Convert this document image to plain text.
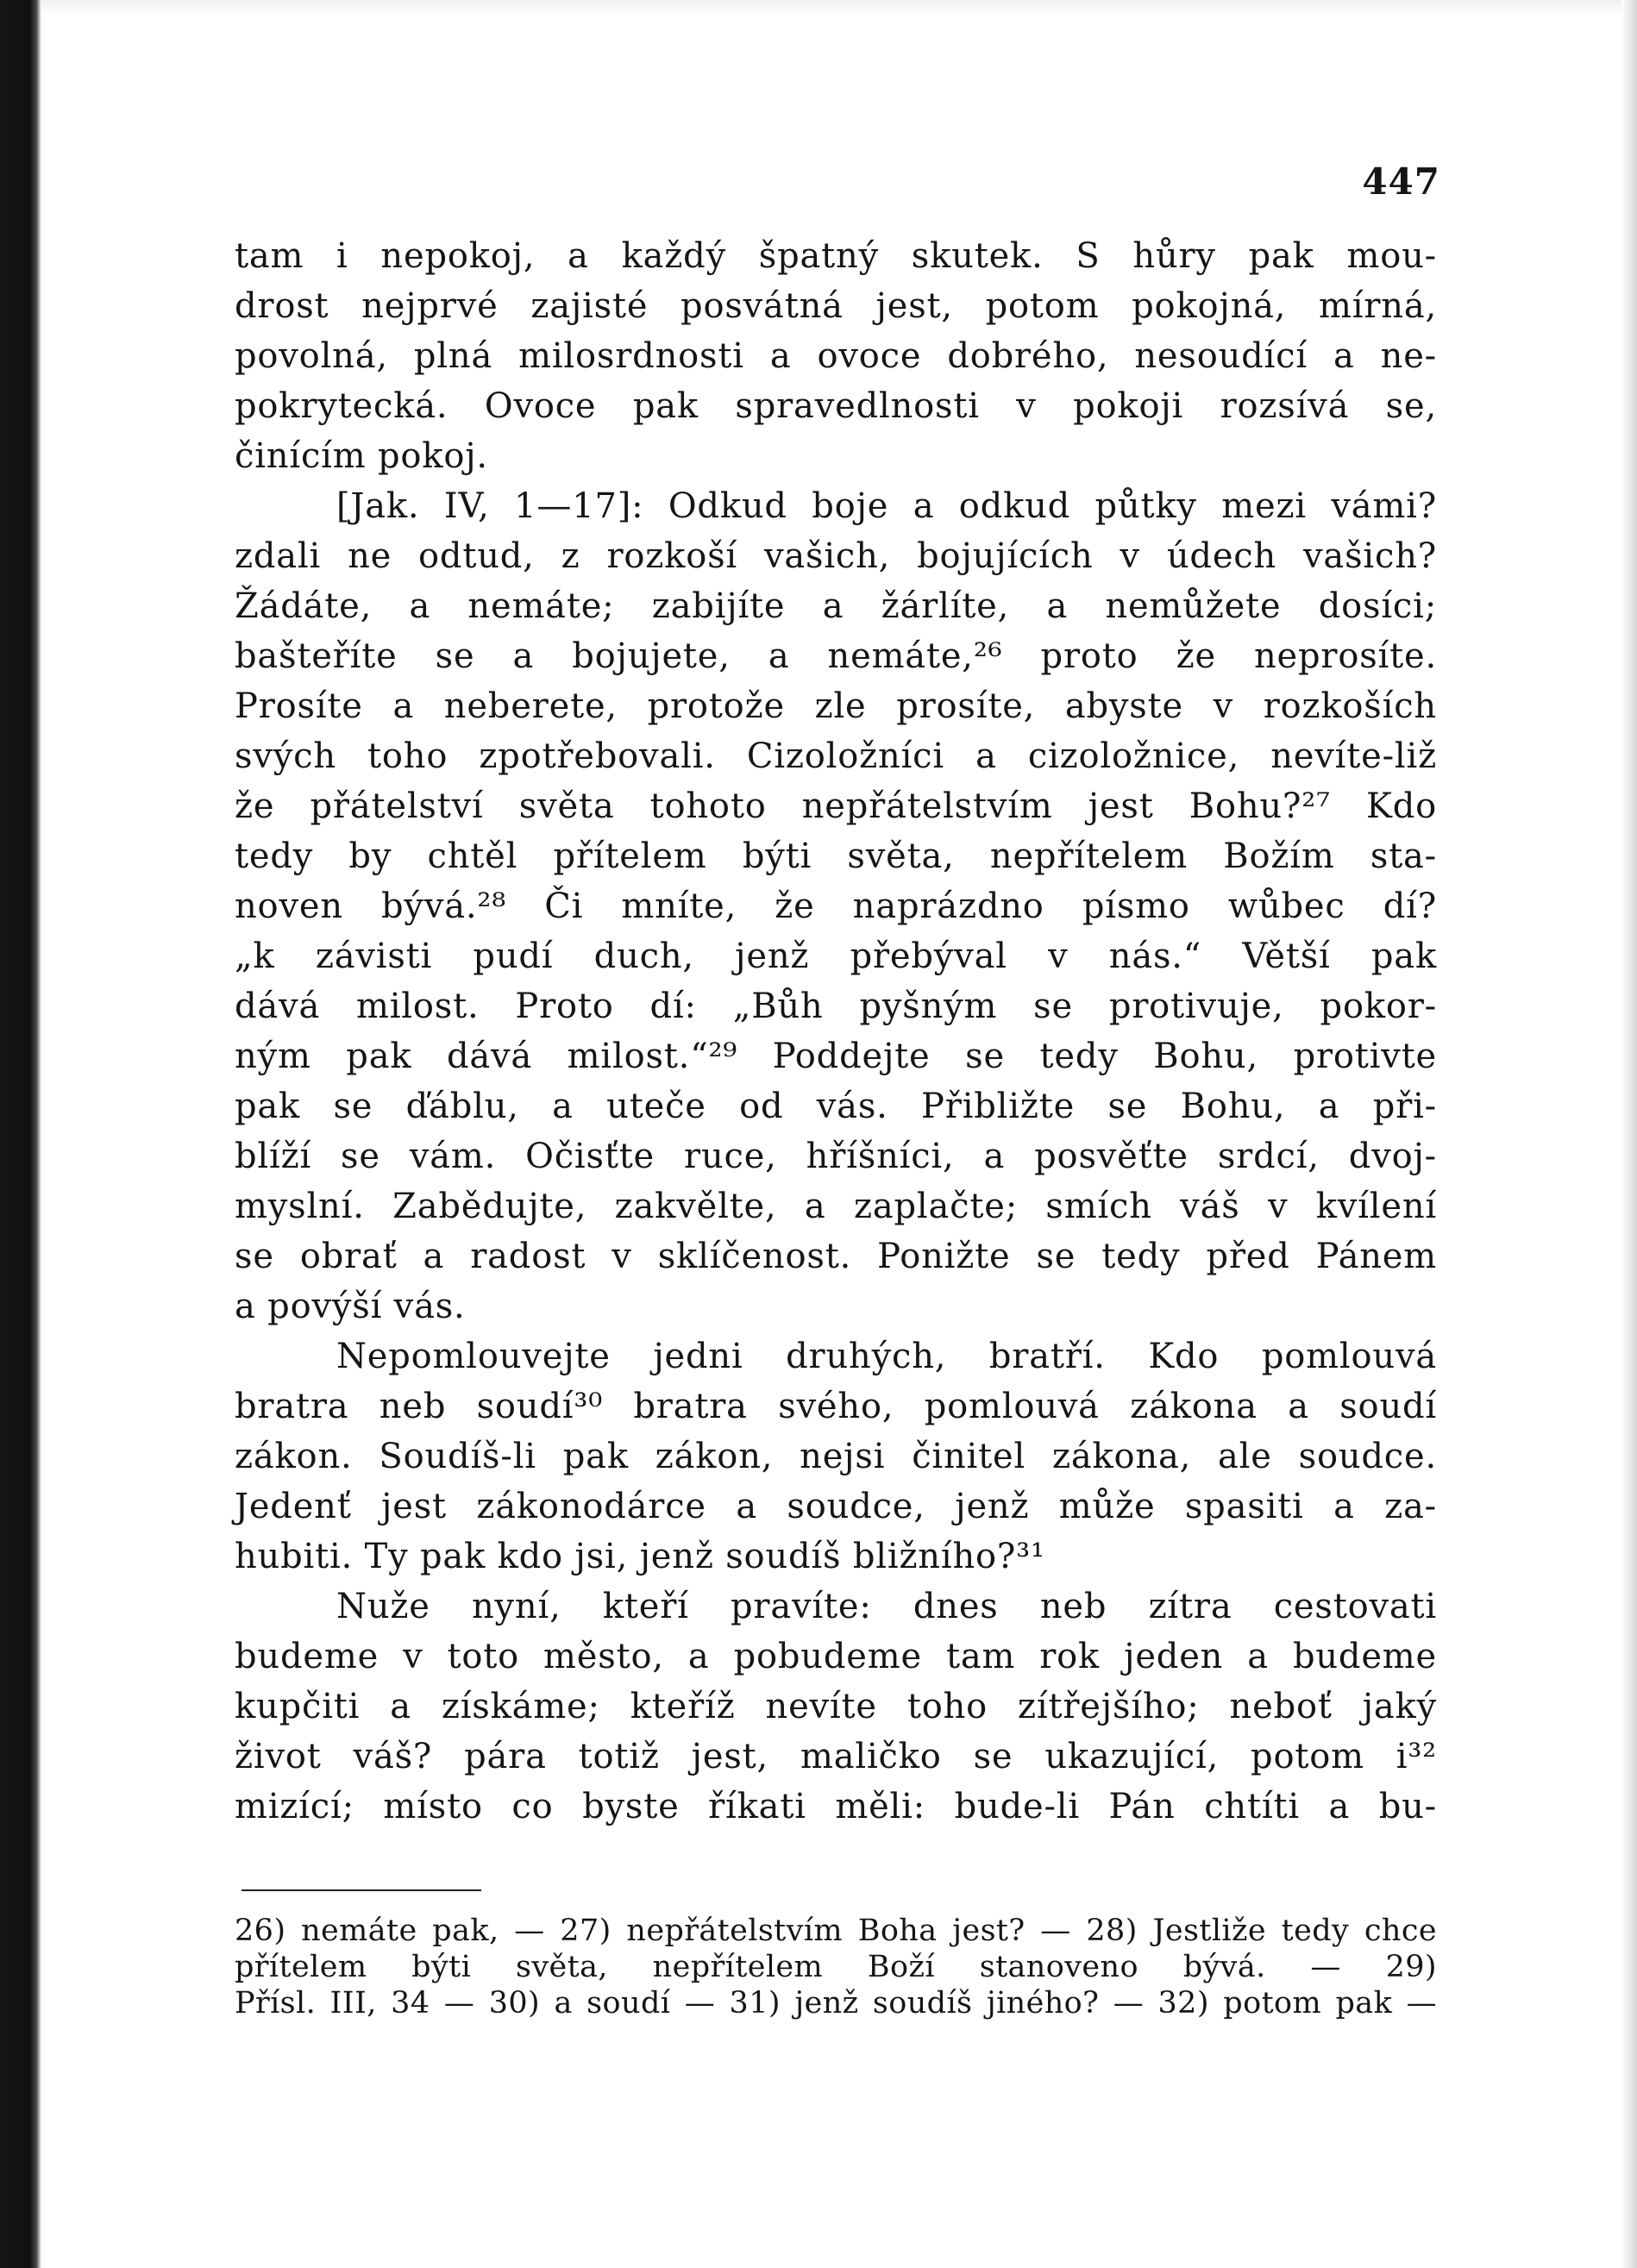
447
tam i nepokoj, a každý špatný skutek. S hůry pak mou-
drost nejprvé zajisté posvátná jest, potom pokojná, mírná,
povolná, plná milosrdnosti a ovoce dobrého, nesoudící a ne-
pokrytecká. Ovoce pak spravedlnosti v pokoji rozsívá se,
činícím pokoj.
[Jak. IV, 1—17]: Odkud boje a odkud půtky mezi vámi?
zdali ne odtud, z rozkoší vašich, bojujících v údech vašich?
Žádáte, a nemáte; zabijíte a žárlíte, a nemůžete dosíci;
bašteříte se a bojujete, a nemáte,²⁶ proto že neprosíte.
Prosíte a neberete, protože zle prosíte, abyste v rozkoších
svých toho zpotřebovali. Cizoložníci a cizoložnice, nevíte-liž
že přátelství světa tohoto nepřátelstvím jest Bohu?²⁷ Kdo
tedy by chtěl přítelem býti světa, nepřítelem Božím sta-
noven bývá.²⁸ Či mníte, že naprázdno písmo wůbec dí?
„k závisti pudí duch, jenž přebýval v nás.“ Větší pak
dává milost. Proto dí: „Bůh pyšným se protivuje, pokor-
ným pak dává milost.“²⁹ Poddejte se tedy Bohu, protivte
pak se ďáblu, a uteče od vás. Přibližte se Bohu, a při-
blíží se vám. Očisťte ruce, hříšníci, a posvěťte srdcí, dvoj-
myslní. Zabědujte, zakvělte, a zaplačte; smích váš v kvílení
se obrať a radost v sklíčenost. Ponižte se tedy před Pánem
a povýší vás.
Nepomlouvejte jedni druhých, bratří. Kdo pomlouvá
bratra neb soudí³⁰ bratra svého, pomlouvá zákona a soudí
zákon. Soudíš-li pak zákon, nejsi činitel zákona, ale soudce.
Jedenť jest zákonodárce a soudce, jenž může spasiti a za-
hubiti. Ty pak kdo jsi, jenž soudíš bližního?³¹
Nuže nyní, kteří pravíte: dnes neb zítra cestovati
budeme v toto město, a pobudeme tam rok jeden a budeme
kupčiti a získáme; kteříž nevíte toho zítřejšího; neboť jaký
život váš? pára totiž jest, maličko se ukazující, potom i³²
mizící; místo co byste říkati měli: bude-li Pán chtíti a bu-
26) nemáte pak, — 27) nepřátelstvím Boha jest? — 28) Jestliže tedy chce
přítelem býti světa, nepřítelem Boží stanoveno bývá. — 29)
Přísl. III, 34 — 30) a soudí — 31) jenž soudíš jiného? — 32) potom pak —
